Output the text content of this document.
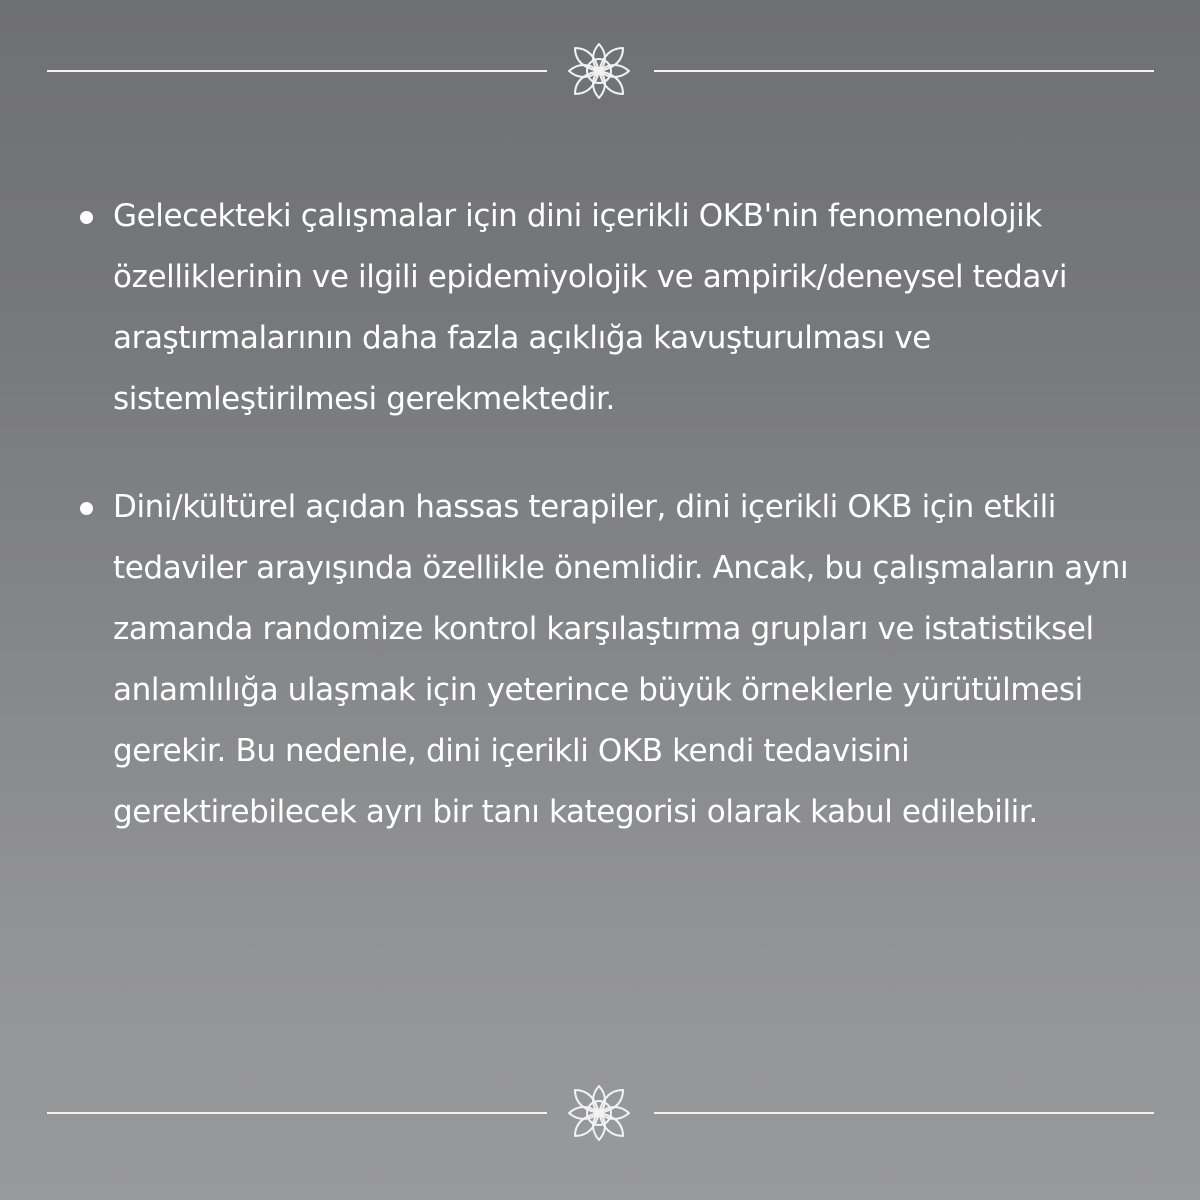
Gelecekteki çalışmalar için dini içerikli OKB'nin fenomenolojik özelliklerinin ve ilgili epidemiyolojik ve ampirik/deneysel tedavi araştırmalarının daha fazla açıklığa kavuşturulması ve sistemleştirilmesi gerekmektedir.
Dini/kültürel açıdan hassas terapiler, dini içerikli OKB için etkili tedaviler arayışında özellikle önemlidir. Ancak, bu çalışmaların aynı zamanda randomize kontrol karşılaştırma grupları ve istatistiksel anlamlılığa ulaşmak için yeterince büyük örneklerle yürütülmesi gerekir. Bu nedenle, dini içerikli OKB kendi tedavisini gerektirebilecek ayrı bir tanı kategorisi olarak kabul edilebilir.
